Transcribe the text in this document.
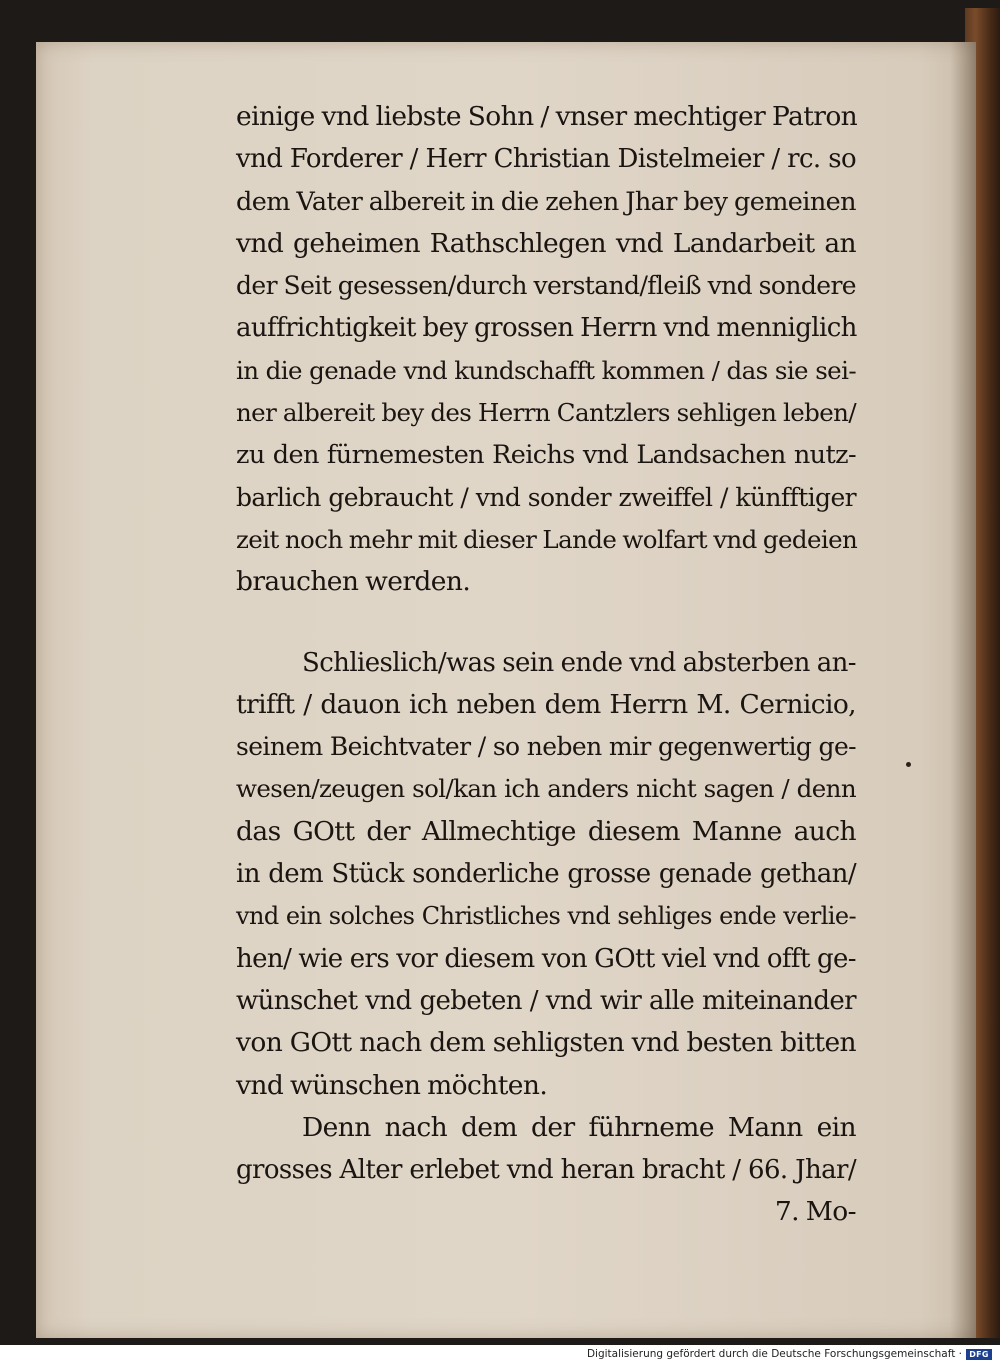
einige vnd liebste Sohn / vnser mechtiger Patron
vnd Forderer / Herr Christian Distelmeier / rc. so
dem Vater albereit in die zehen Jhar bey gemeinen
vnd geheimen Rathschlegen vnd Landarbeit an
der Seit gesessen/durch verstand/fleiß vnd sondere
auffrichtigkeit bey grossen Herrn vnd menniglich
in die genade vnd kundschafft kommen / das sie sei-
ner albereit bey des Herrn Cantzlers sehligen leben/
zu den fürnemesten Reichs vnd Landsachen nutz-
barlich gebraucht / vnd sonder zweiffel / künfftiger
zeit noch mehr mit dieser Lande wolfart vnd gedeien
brauchen werden.
Schlieslich/was sein ende vnd absterben an-
trifft / dauon ich neben dem Herrn M. Cernicio,
seinem Beichtvater / so neben mir gegenwertig ge-
wesen/zeugen sol/kan ich anders nicht sagen / denn
das GOtt der Allmechtige diesem Manne auch
in dem Stück sonderliche grosse genade gethan/
vnd ein solches Christliches vnd sehliges ende verlie-
hen/ wie ers vor diesem von GOtt viel vnd offt ge-
wünschet vnd gebeten / vnd wir alle miteinander
von GOtt nach dem sehligsten vnd besten bitten
vnd wünschen möchten.
Denn nach dem der führneme Mann ein
grosses Alter erlebet vnd heran bracht / 66. Jhar/
7. Mo-
Digitalisierung gefördert durch die Deutsche Forschungsgemeinschaft · DFG
